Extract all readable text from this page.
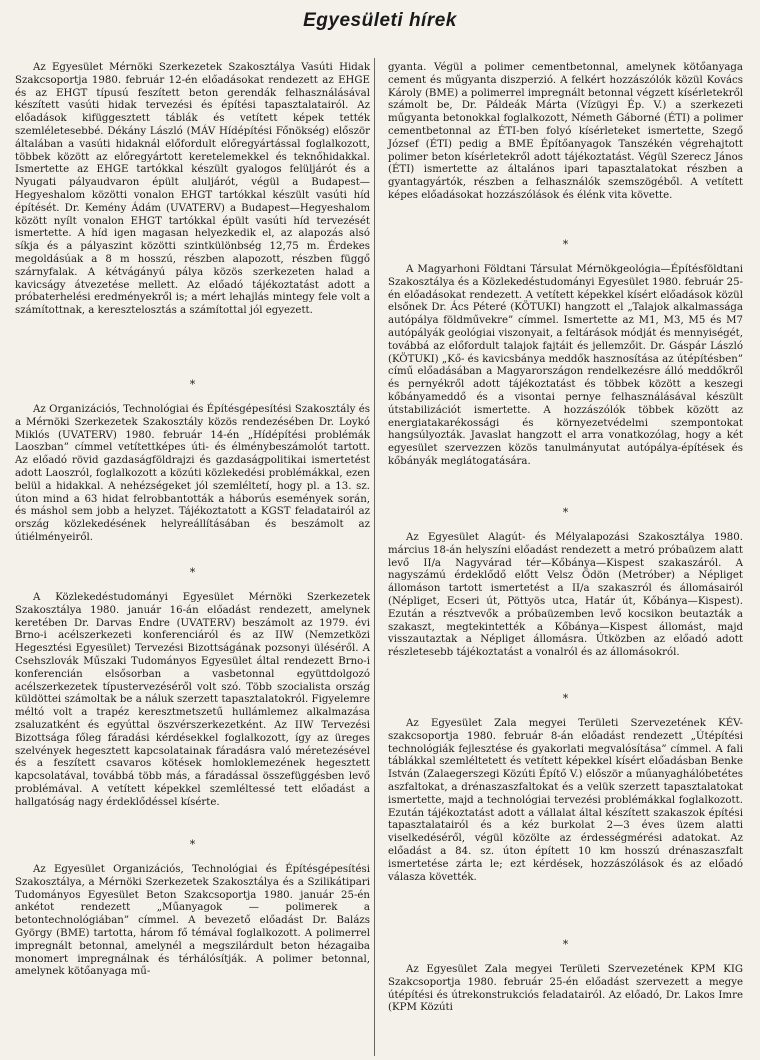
Egyesületi hírek

Az Egyesület Mérnöki Szerkezetek Szakosztálya Vasúti Hidak Szakcsoportja 1980. február 12-én előadásokat rendezett az EHGE és az EHGT típusú feszített beton gerendák felhasználásával készített vasúti hidak tervezési és építési tapasztalatairól. Az előadások kifüggesztett táblák és vetített képek tették szemléletesebbé. Dékány László (MÁV Hídépítési Főnökség) először általában a vasúti hidaknál előfordult előregyártással foglalkozott, többek között az előregyártott keretelemekkel és teknőhidakkal. Ismertette az EHGE tartókkal készült gyalogos felüljárót és a Nyugati pályaudvaron épült aluljárót, végül a Budapest—Hegyeshalom közötti vonalon EHGT tartókkal készült vasúti híd építését. Dr. Kemény Ádám (UVATERV) a Budapest—Hegyeshalom között nyílt vonalon EHGT tartókkal épült vasúti híd tervezését ismertette. A híd igen magasan helyezkedik el, az alapozás alsó síkja és a pályaszint közötti szintkülönbség 12,75 m. Érdekes megoldásúak a 8 m hosszú, részben alapozott, részben függő szárnyfalak. A kétvágányú pálya közös szerkezeten halad a kavicságy átvezetése mellett. Az előadó tájékoztatást adott a próbaterhelési eredményekről is; a mért lehajlás mintegy fele volt a számítottnak, a keresztelosztás a számítottal jól egyezett.

*

Az Organizációs, Technológiai és Építésgépesítési Szakosztály és a Mérnöki Szerkezetek Szakosztály közös rendezésében Dr. Loykó Miklós (UVATERV) 1980. február 14-én „Hídépítési problémák Laoszban” címmel vetítettképes úti- és élménybeszámolót tartott. Az előadó rövid gazdaságföldrajzi és gazdaságpolitikai ismertetést adott Laoszról, foglalkozott a közúti közlekedési problémákkal, ezen belül a hidakkal. A nehézségeket jól szemléltetí, hogy pl. a 13. sz. úton mind a 63 hidat felrobbantották a háborús események során, és máshol sem jobb a helyzet. Tájékoztatott a KGST feladatairól az ország közlekedésének helyreállításában és beszámolt az útiélményeiről.

*

A Közlekedéstudományi Egyesület Mérnöki Szerkezetek Szakosztálya 1980. január 16-án előadást rendezett, amelynek keretében Dr. Darvas Endre (UVATERV) beszámolt az 1979. évi Brno-i acélszerkezeti konferenciáról és az IIW (Nemzetközi Hegesztési Egyesület) Tervezési Bizottságának pozsonyi üléséről. A Csehszlovák Műszaki Tudományos Egyesület által rendezett Brno-i konferencián elsősorban a vasbetonnal együttdolgozó acélszerkezetek típustervezéséről volt szó. Több szocialista ország küldöttei számoltak be a náluk szerzett tapasztalatokról. Figyelemre méltó volt a trapéz keresztmetszetű hullámlemez alkalmazása zsaluzatként és egyúttal öszvérszerkezetként. Az IIW Tervezési Bizottsága főleg fáradási kérdésekkel foglalkozott, így az üreges szelvények hegesztett kapcsolatainak fáradásra való méretezésével és a feszített csavaros kötések homloklemezének hegesztett kapcsolatával, továbbá több más, a fáradással összefüggésben levő problémával. A vetített képekkel szemléltessé tett előadást a hallgatóság nagy érdeklődéssel kísérte.

*

Az Egyesület Organizációs, Technológiai és Építésgépesítési Szakosztálya, a Mérnöki Szerkezetek Szakosztálya és a Szilikátipari Tudományos Egyesület Beton Szakcsoportja 1980. január 25-én ankétot rendezett „Műanyagok — polimerek a betontechnológiában” címmel. A bevezető előadást Dr. Balázs György (BME) tartotta, három fő témával foglalkozott. A polimerrel impregnált betonnal, amelynél a megszilárdult beton hézagaiba monomert impregnálnak és térhálósítják. A polimer betonnal, amelynek kötőanyaga mű-

gyanta. Végül a polimer cementbetonnal, amelynek kötőanyaga cement és műgyanta diszperzió. A felkért hozzászólók közül Kovács Károly (BME) a polimerrel impregnált betonnal végzett kísérletekről számolt be, Dr. Páldeák Márta (Vízügyi Ép. V.) a szerkezeti műgyanta betonokkal foglalkozott, Németh Gáborné (ÉTI) a polimer cementbetonnal az ÉTI-ben folyó kísérleteket ismertette, Szegő József (ÉTI) pedig a BME Építőanyagok Tanszékén végrehajtott polimer beton kísérletekről adott tájékoztatást. Végül Szerecz János (ÉTI) ismertette az általános ipari tapasztalatokat részben a gyantagyártók, részben a felhasználók szemszögéből. A vetített képes előadásokat hozzászólások és élénk vita követte.

*

A Magyarhoni Földtani Társulat Mérnökgeológia—Építésföldtani Szakosztálya és a Közlekedéstudományi Egyesület 1980. február 25-én előadásokat rendezett. A vetített képekkel kísért előadások közül elsőnek Dr. Ács Péteré (KÖTUKI) hangzott el „Talajok alkalmassága autópálya földművekre” címmel. Ismertette az M1, M3, M5 és M7 autópályák geológiai viszonyait, a feltárások módját és mennyiségét, továbbá az előfordult talajok fajtáit és jellemzőit. Dr. Gáspár László (KÖTUKI) „Kő- és kavicsbánya meddők hasznosítása az útépítésben” című előadásában a Magyarországon rendelkezésre álló meddőkről és pernyékről adott tájékoztatást és többek között a keszegi kőbányameddő és a visontai pernye felhasználásával készült útstabilizációt ismertette. A hozzászólók többek között az energiatakarékossági és környezetvédelmi szempontokat hangsúlyozták. Javaslat hangzott el arra vonatkozólag, hogy a két egyesület szervezzen közös tanulmányutat autópálya-építések és kőbányák meglátogatására.

*

Az Egyesület Alagút- és Mélyalapozási Szakosztálya 1980. március 18-án helyszíni előadást rendezett a metró próbaüzem alatt levő II/a Nagyvárad tér—Kőbánya—Kispest szakaszáról. A nagyszámú érdeklődő előtt Velsz Ödön (Metróber) a Népliget állomáson tartott ismertetést a II/a szakaszról és állomásairól (Népliget, Ecseri út, Pöttyös utca, Határ út, Kőbánya—Kispest). Ezután a résztvevők a próbaüzemben levő kocsikon beutazták a szakaszt, megtekintették a Kőbánya—Kispest állomást, majd visszautaztak a Népliget állomásra. Útközben az előadó adott részletesebb tájékoztatást a vonalról és az állomásokról.

*

Az Egyesület Zala megyei Területi Szervezetének KÉV-szakcsoportja 1980. február 8-án előadást rendezett „Útépítési technológiák fejlesztése és gyakorlati megvalósítása” címmel. A fali táblákkal szemléltetett és vetített képekkel kísért előadásban Benke István (Zalaegerszegi Közúti Építő V.) először a műanyaghálóbetétes aszfaltokat, a drénaszaszfaltokat és a velük szerzett tapasztalatokat ismertette, majd a technológiai tervezési problémákkal foglalkozott. Ezután tájékoztatást adott a vállalat által készített szakaszok építési tapasztalatairól és a kéz burkolat 2—3 éves üzem alatti viselkedéséről, végül közölte az érdességmérési adatokat. Az előadást a 84. sz. úton épített 10 km hosszú drénaszaszfalt ismertetése zárta le; ezt kérdések, hozzászólások és az előadó válasza követték.

*

Az Egyesület Zala megyei Területi Szervezetének KPM KIG Szakcsoportja 1980. február 25-én előadást szervezett a megye útépítési és útrekonstrukciós feladatairól. Az előadó, Dr. Lakos Imre (KPM Közúti
